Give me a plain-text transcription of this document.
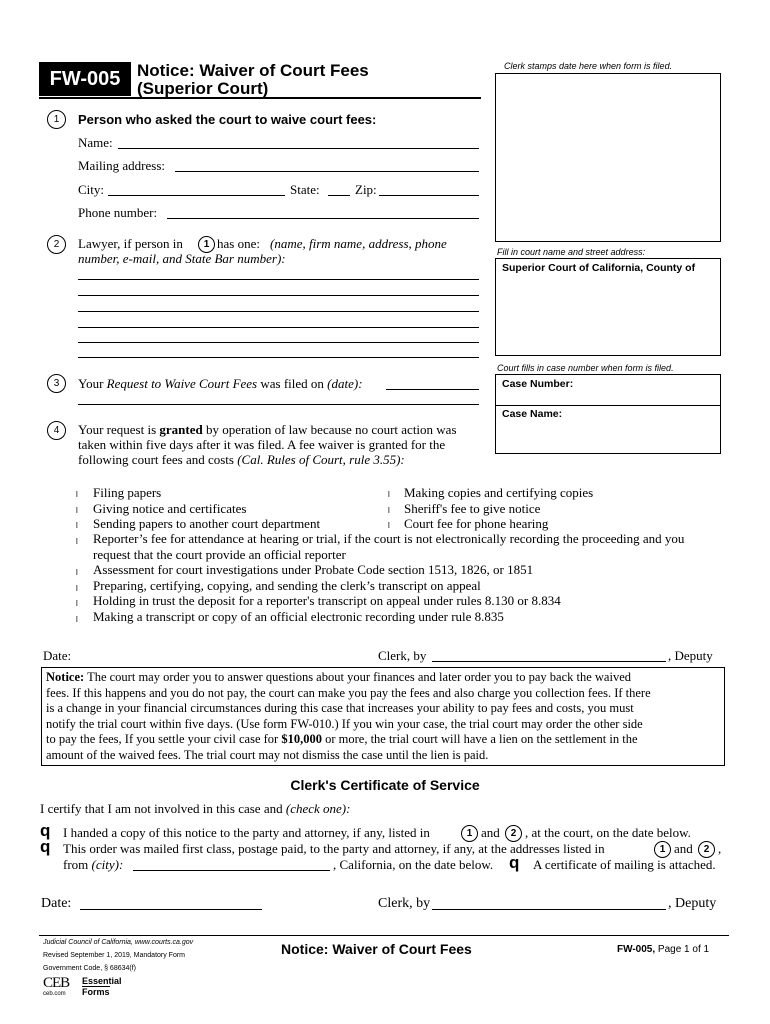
FW-005 Notice: Waiver of Court Fees
(Superior Court)
Clerk stamps date here when form is filed.
Fill in court name and street address:
Superior Court of California, County of
Court fills in case number when form is filed.
Case Number:
Case Name:
1	Person who asked the court to waive court fees:
Name:
Mailing address:
City:	State:	Zip:
Phone number:
2	Lawyer, if person in	1 has one: (name, firm name, address, phone
number, e-mail, and State Bar number):
3	Your Request to Waive Court Fees was filed on (date):
4	Your request is granted by operation of law because no court action was
taken within five days after it was filed. A fee waiver is granted for the
following court fees and costs (Cal. Rules of Court, rule 3.55):
l Filing papers
l Giving notice and certificates
l Sending papers to another court department
l Making copies and certifying copies
l Sheriff's fee to give notice
l Court fee for phone hearing
l Reporter’s fee for attendance at hearing or trial, if the court is not electronically recording the proceeding and you
request that the court provide an official reporter
l Assessment for court investigations under Probate Code section 1513, 1826, or 1851
l Preparing, certifying, copying, and sending the clerk’s transcript on appeal
l Holding in trust the deposit for a reporter's transcript on appeal under rules 8.130 or 8.834
l Making a transcript or copy of an official electronic recording under rule 8.835
Date:	Clerk, by	, Deputy
Notice: The court may order you to answer questions about your finances and later order you to pay back the waived
fees. If this happens and you do not pay, the court can make you pay the fees and also charge you collection fees. If there
is a change in your financial circumstances during this case that increases your ability to pay fees and costs, you must
notify the trial court within five days. (Use form FW-010.) If you win your case, the trial court may order the other side
to pay the fees, If you settle your civil case for $10,000 or more, the trial court will have a lien on the settlement in the
amount of the waived fees. The trial court may not dismiss the case until the lien is paid.
Clerk's Certificate of Service
I certify that I am not involved in this case and (check one):
q I handed a copy of this notice to the party and attorney, if any, listed in	1 and	2 , at the court, on the date below.
q This order was mailed first class, postage paid, to the party and attorney, if any, at the addresses listed in	1 and	2 ,
from (city):	, California, on the date below. q A certificate of mailing is attached.
Date:	Clerk, by	, Deputy
Judicial Council of California, www.courts.ca.gov
Revised September 1, 2019, Mandatory Form
Government Code, § 68634(f)
Notice: Waiver of Court Fees	FW-005, Page 1 of 1
CEB
ceb.com
Essential
Forms
